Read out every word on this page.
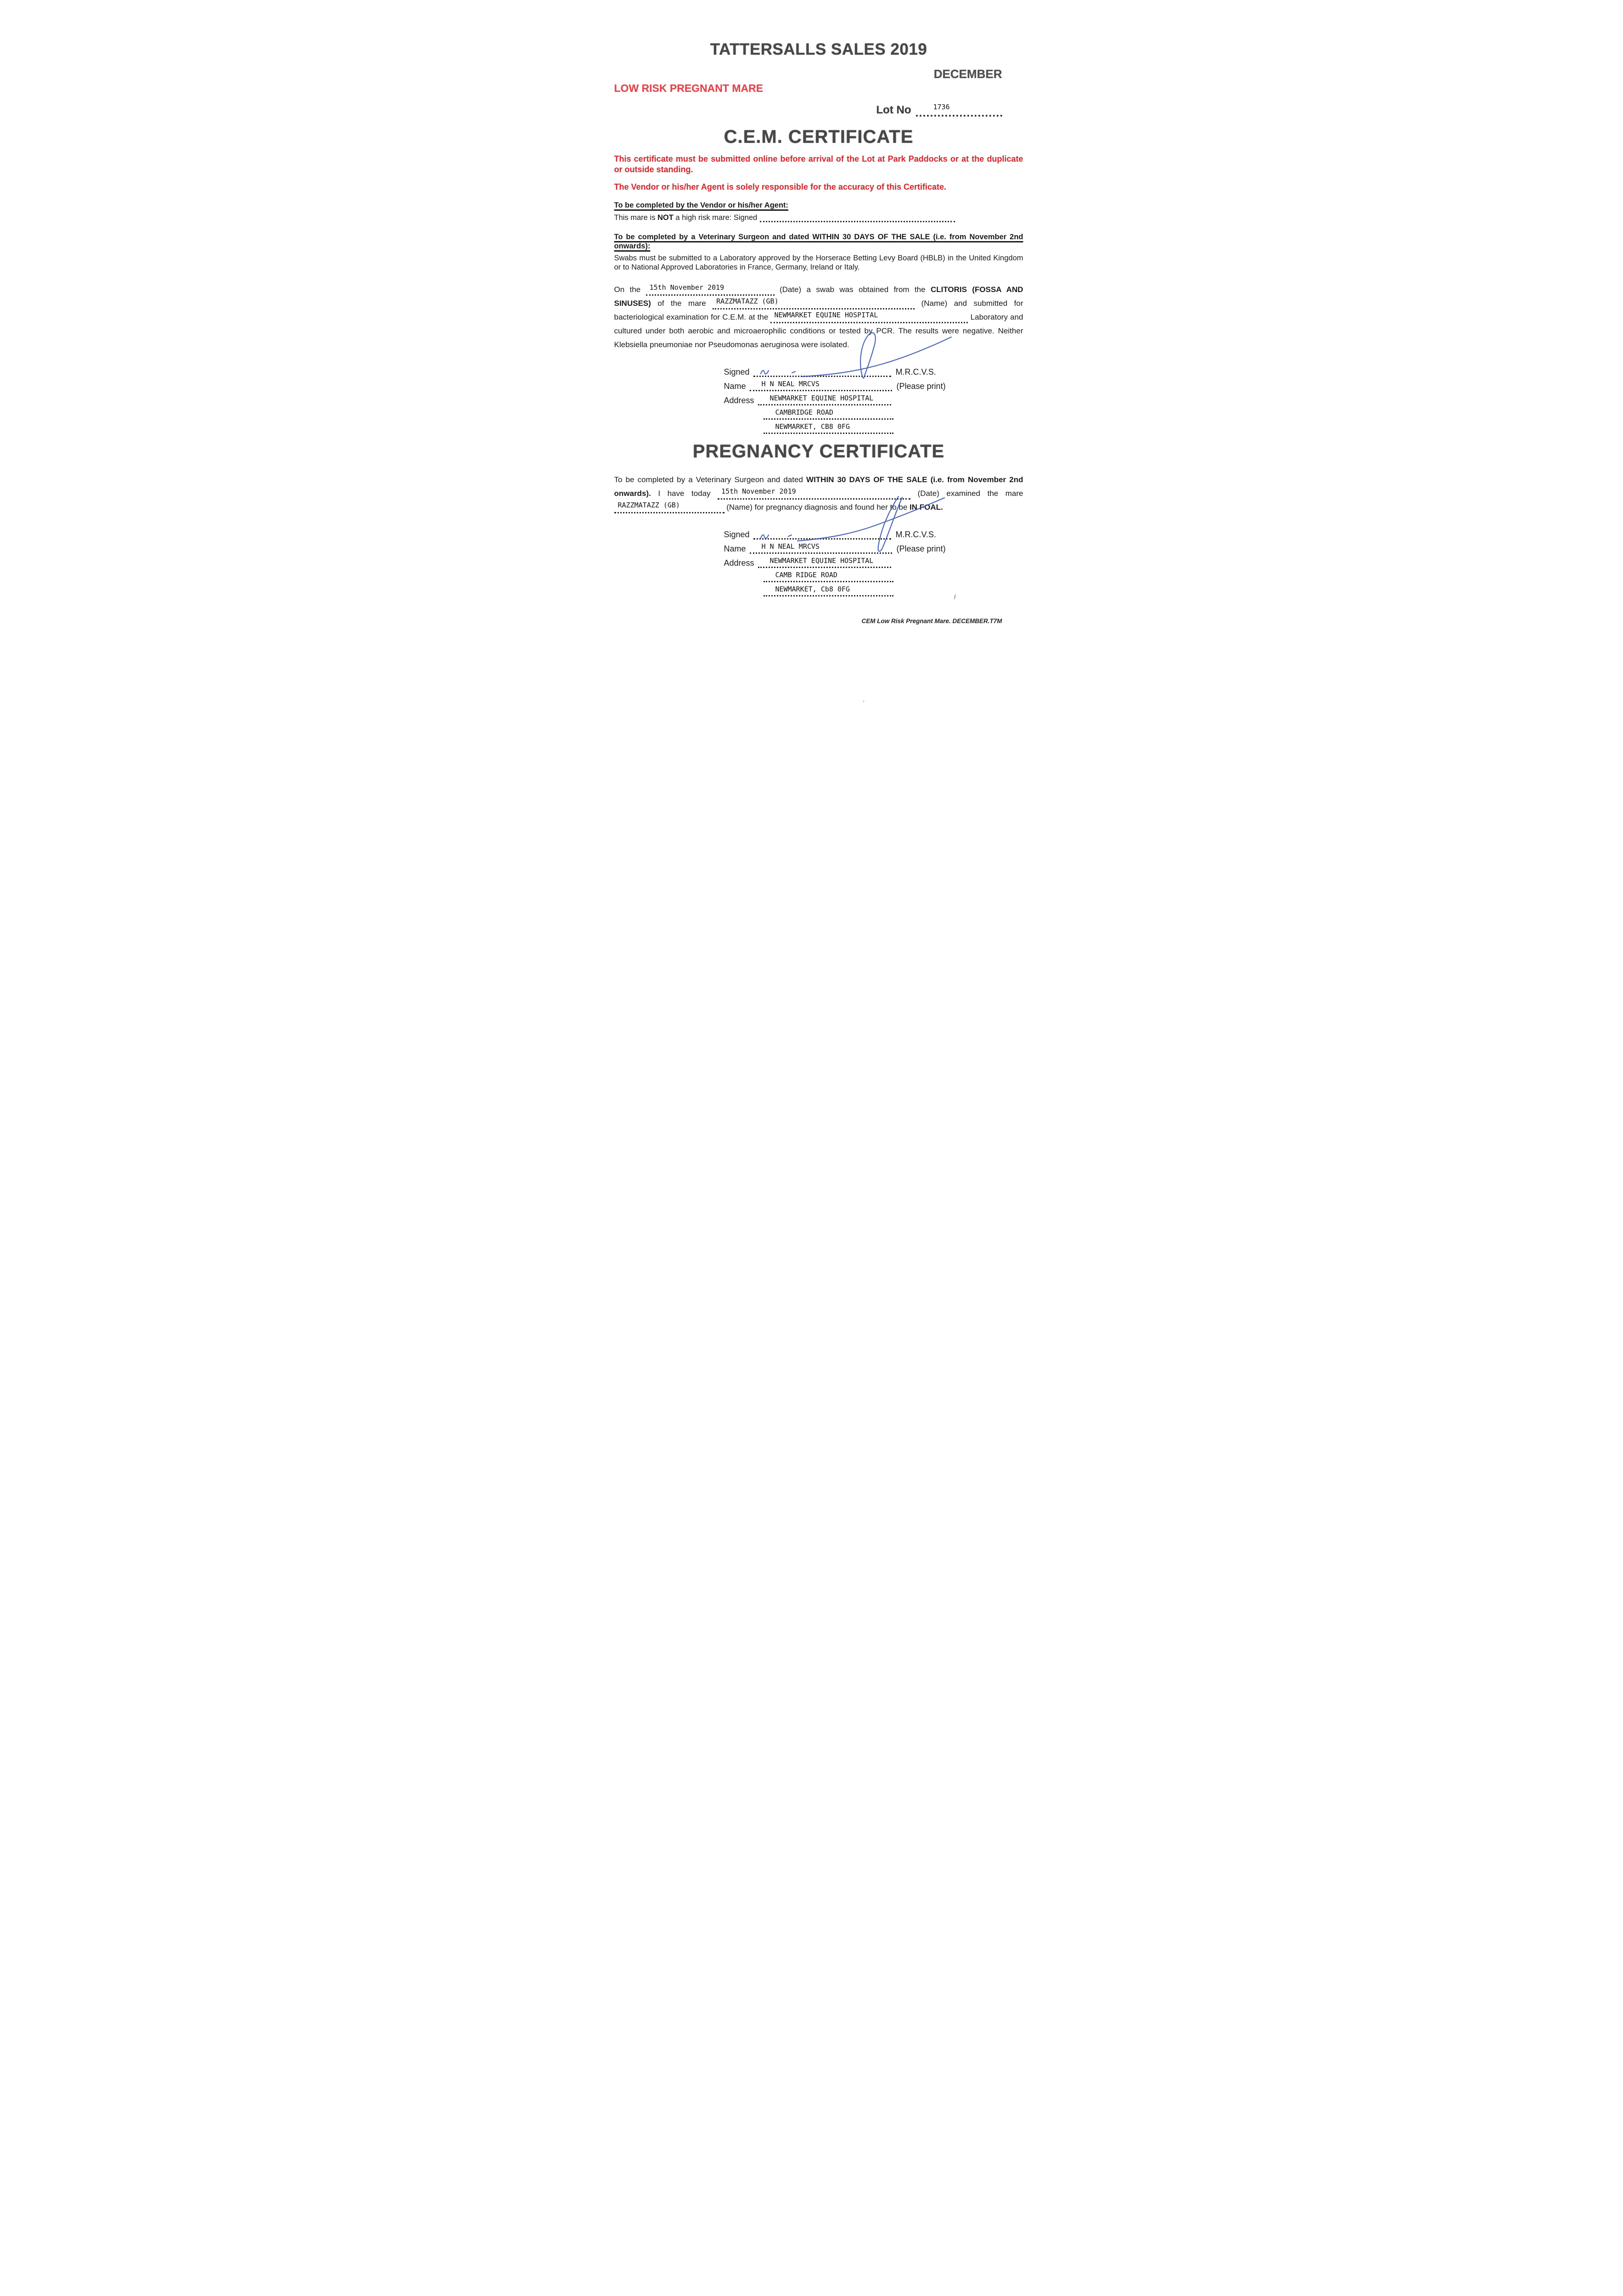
TATTERSALLS SALES 2019
DECEMBER
LOW RISK PREGNANT MARE
Lot No	1736
C.E.M. CERTIFICATE

This certificate must be submitted online before arrival of the Lot at Park Paddocks or at the duplicate or outside standing.

The Vendor or his/her Agent is solely responsible for the accuracy of this Certificate.

To be completed by the Vendor or his/her Agent:

This mare is
NOT
a high risk mare: Signed

To be completed by a Veterinary Surgeon and dated WITHIN 30 DAYS OF THE SALE (i.e. from November 2nd onwards):

Swabs must be submitted to a Laboratory approved by the Horserace Betting Levy Board (HBLB) in the United Kingdom or to National Approved Laboratories in France, Germany, Ireland or Italy.

On the 15th November 2019	(Date) a swab was obtained from the CLITORIS (FOSSA AND SINUSES) of the mare RAZZMATAZZ (GB)	(Name) and submitted for bacteriological examination for C.E.M. at the NEWMARKET EQUINE HOSPITAL	Laboratory and cultured under both aerobic and microaerophilic conditions or tested by PCR. The results were negative. Neither Klebsiella pneumoniae nor Pseudomonas aeruginosa were isolated.

Signed	M.R.C.V.S.
Name H N NEAL MRCVS	(Please print)
Address NEWMARKET EQUINE HOSPITAL
CAMBRIDGE ROAD
NEWMARKET, CB8 0FG
PREGNANCY CERTIFICATE

To be completed by a Veterinary Surgeon and dated WITHIN 30 DAYS OF THE SALE (i.e. from November 2nd onwards). I have today 15th November 2019	(Date) examined the mare RAZZMATAZZ (GB)	(Name) for pregnancy diagnosis and found her to be IN FOAL.

Signed	M.R.C.V.S.
Name H N NEAL MRCVS	(Please print)
Address NEWMARKET EQUINE HOSPITAL
CAMB RIDGE ROAD
NEWMARKET, Cb8 0FG
CEM Low Risk Pregnant Mare. DECEMBER.T7M
